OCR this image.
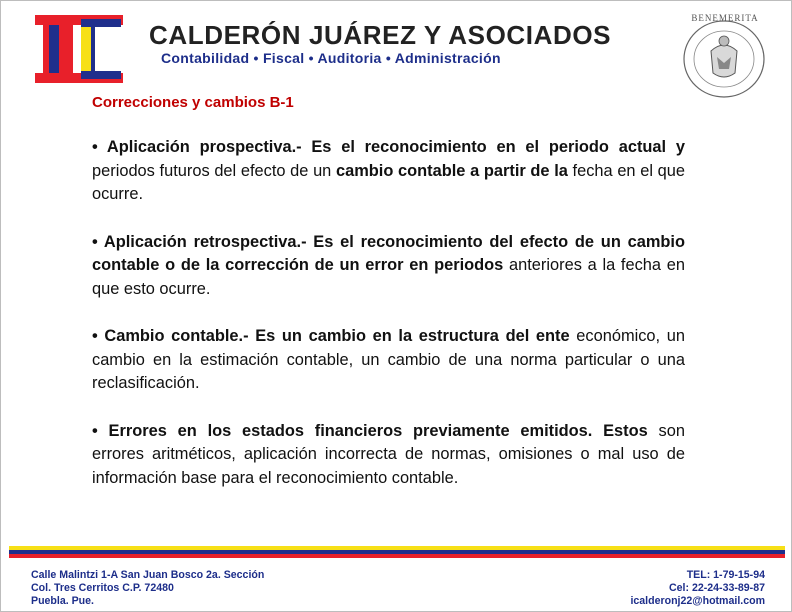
CALDERÓN JUÁREZ Y ASOCIADOS
Contabilidad • Fiscal • Auditoria • Administración
BENEMERITA
Correcciones y cambios B-1

• Aplicación prospectiva.- Es el reconocimiento en el periodo actual y periodos futuros del efecto de un cambio contable a partir de la fecha en el que ocurre.

• Aplicación retrospectiva.- Es el reconocimiento del efecto de un cambio contable o de la corrección de un error en periodos anteriores a la fecha en que esto ocurre.

• Cambio contable.- Es un cambio en la estructura del ente económico, un cambio en la estimación contable, un cambio de una norma particular o una reclasificación.

• Errores en los estados financieros previamente emitidos. Estos son errores aritméticos, aplicación incorrecta de normas, omisiones o mal uso de información base para el reconocimiento contable.

Calle Malintzi 1-A San Juan Bosco 2a. Sección
Col. Tres Cerritos C.P. 72480
Puebla. Pue.
TEL: 1-79-15-94
Cel: 22-24-33-89-87
icalderonj22@hotmail.com
